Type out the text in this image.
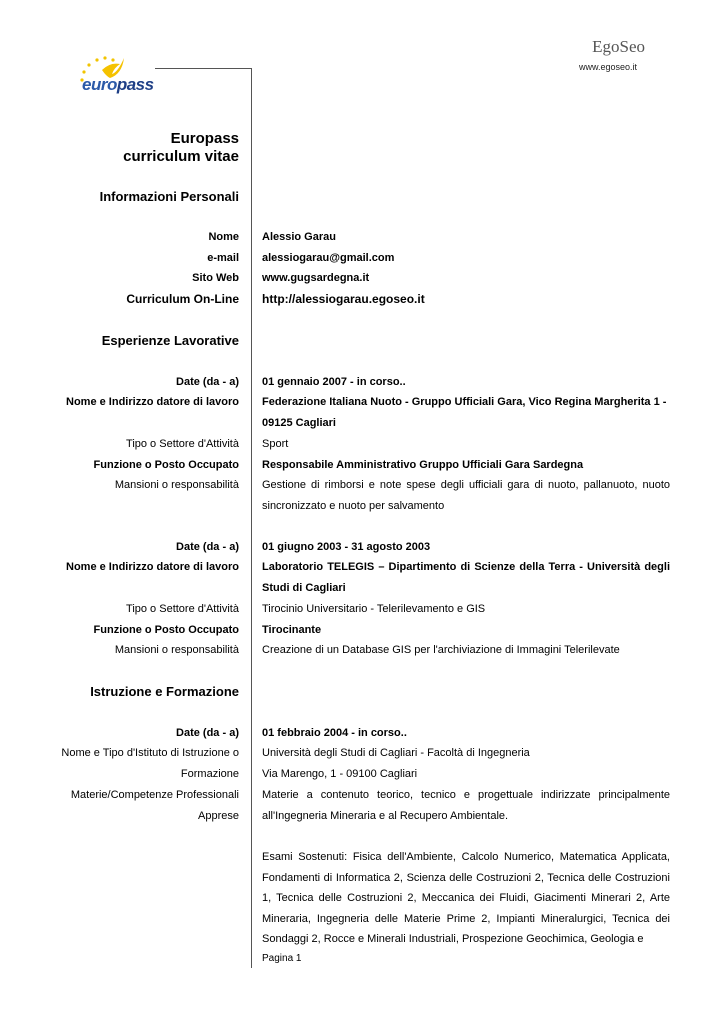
europass
EgoSeo
www.egoseo.it
Europass
curriculum vitae
Informazioni Personali
Nome Alessio Garau
e-mail alessiogarau@gmail.com
Sito Web www.gugsardegna.it
Curriculum On-Line http://alessiogarau.egoseo.it
Esperienze Lavorative
Date (da - a) 01 gennaio 2007 - in corso..
Nome e Indirizzo datore di lavoro Federazione Italiana Nuoto - Gruppo Ufficiali Gara, Vico Regina Margherita 1 -
09125 Cagliari
Tipo o Settore d'Attività Sport
Funzione o Posto Occupato Responsabile Amministrativo Gruppo Ufficiali Gara Sardegna
Mansioni o responsabilità Gestione di rimborsi e note spese degli ufficiali gara di nuoto, pallanuoto, nuoto sincronizzato e nuoto per salvamento
Date (da - a) 01 giugno 2003 - 31 agosto 2003
Nome e Indirizzo datore di lavoro Laboratorio TELEGIS – Dipartimento di Scienze della Terra - Università degli Studi di Cagliari
Tipo o Settore d'Attività Tirocinio Universitario - Telerilevamento e GIS
Funzione o Posto Occupato Tirocinante
Mansioni o responsabilità Creazione di un Database GIS per l'archiviazione di Immagini Telerilevate
Istruzione e Formazione
Date (da - a) 01 febbraio 2004 - in corso..
Nome e Tipo d'Istituto di Istruzione o
Formazione
Università degli Studi di Cagliari - Facoltà di Ingegneria
Via Marengo, 1 - 09100 Cagliari
Materie/Competenze Professionali
Apprese
Materie a contenuto teorico, tecnico e progettuale indirizzate principalmente all'Ingegneria Mineraria e al Recupero Ambientale.
Esami Sostenuti: Fisica dell'Ambiente, Calcolo Numerico, Matematica Applicata, Fondamenti di Informatica 2, Scienza delle Costruzioni 2, Tecnica delle Costruzioni 1, Tecnica delle Costruzioni 2, Meccanica dei Fluidi, Giacimenti Minerari 2, Arte Mineraria, Ingegneria delle Materie Prime 2, Impianti Mineralurgici, Tecnica dei Sondaggi 2, Rocce e Minerali Industriali, Prospezione Geochimica, Geologia e
Pagina 1
